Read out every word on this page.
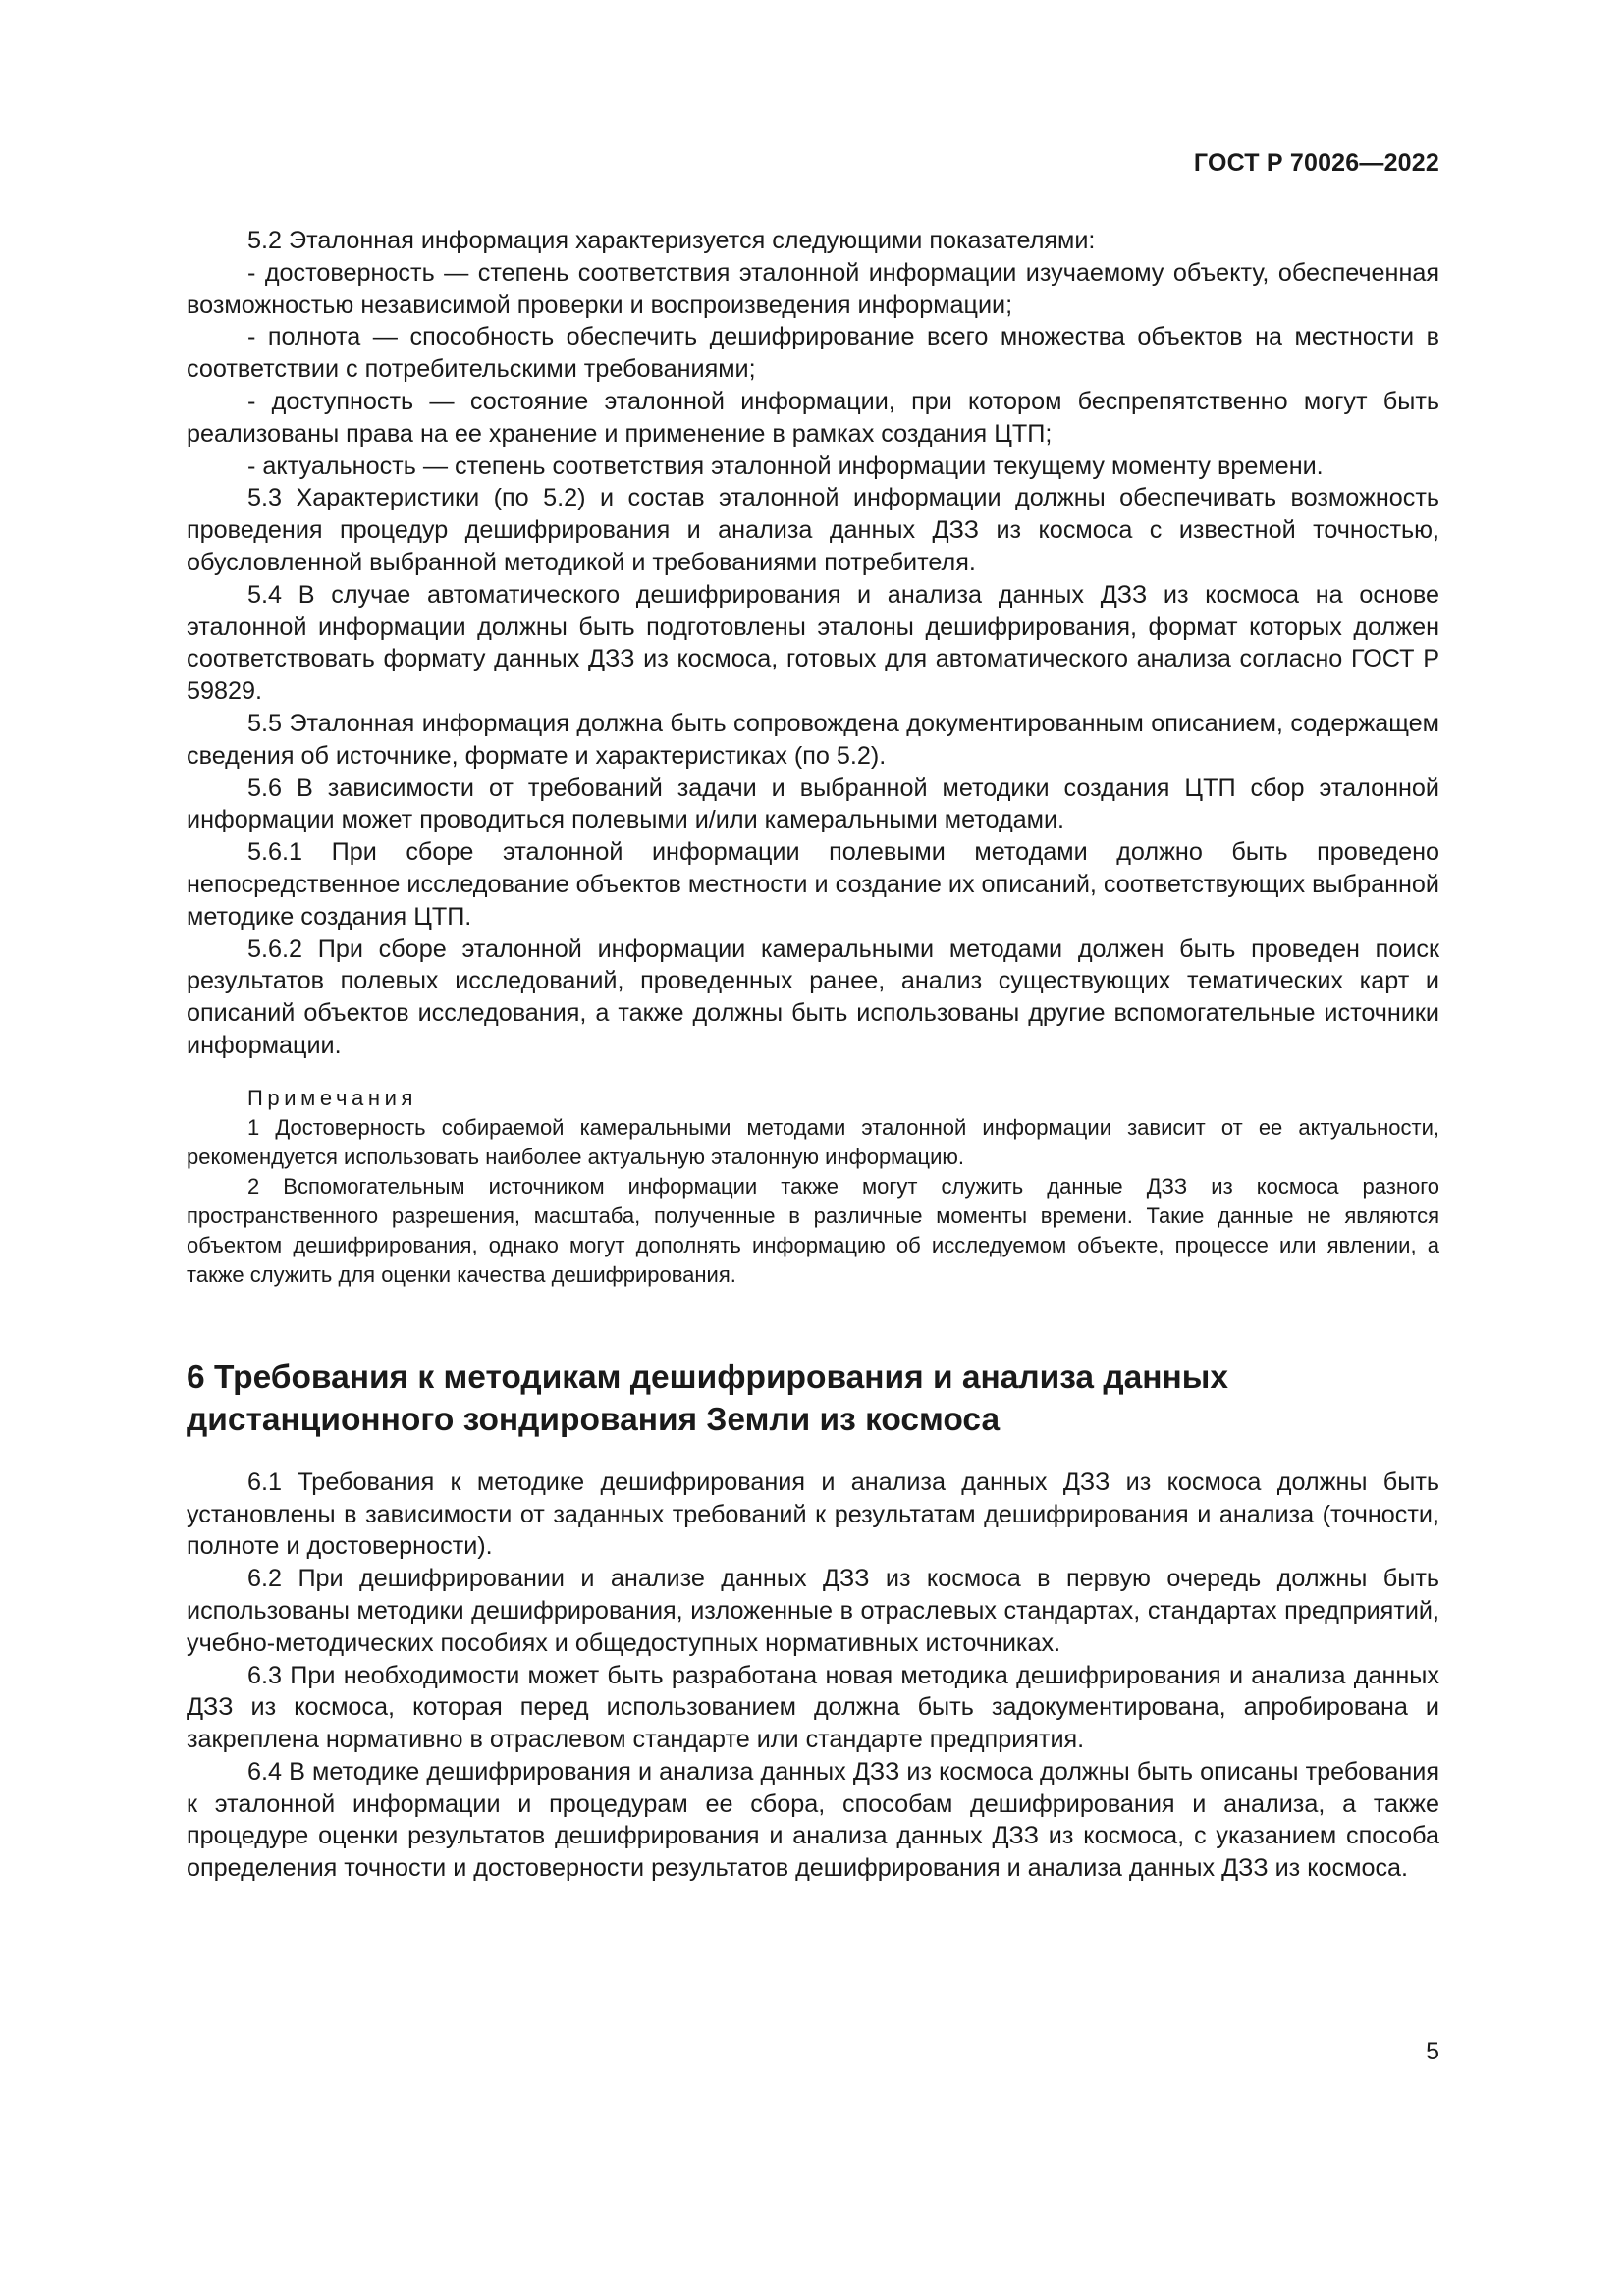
ГОСТ Р 70026—2022

5.2 Эталонная информация характеризуется следующими показателями:

- достоверность — степень соответствия эталонной информации изучаемому объекту, обеспеченная возможностью независимой проверки и воспроизведения информации;

- полнота — способность обеспечить дешифрирование всего множества объектов на местности в соответствии с потребительскими требованиями;

- доступность — состояние эталонной информации, при котором беспрепятственно могут быть реализованы права на ее хранение и применение в рамках создания ЦТП;

- актуальность — степень соответствия эталонной информации текущему моменту времени.

5.3 Характеристики (по 5.2) и состав эталонной информации должны обеспечивать возможность проведения процедур дешифрирования и анализа данных ДЗЗ из космоса с известной точностью, обусловленной выбранной методикой и требованиями потребителя.

5.4 В случае автоматического дешифрирования и анализа данных ДЗЗ из космоса на основе эталонной информации должны быть подготовлены эталоны дешифрирования, формат которых должен соответствовать формату данных ДЗЗ из космоса, готовых для автоматического анализа согласно ГОСТ Р 59829.

5.5 Эталонная информация должна быть сопровождена документированным описанием, содержащем сведения об источнике, формате и характеристиках (по 5.2).

5.6 В зависимости от требований задачи и выбранной методики создания ЦТП сбор эталонной информации может проводиться полевыми и/или камеральными методами.

5.6.1 При сборе эталонной информации полевыми методами должно быть проведено непосредственное исследование объектов местности и создание их описаний, соответствующих выбранной методике создания ЦТП.

5.6.2 При сборе эталонной информации камеральными методами должен быть проведен поиск результатов полевых исследований, проведенных ранее, анализ существующих тематических карт и описаний объектов исследования, а также должны быть использованы другие вспомогательные источники информации.

Примечания

1 Достоверность собираемой камеральными методами эталонной информации зависит от ее актуальности, рекомендуется использовать наиболее актуальную эталонную информацию.

2 Вспомогательным источником информации также могут служить данные ДЗЗ из космоса разного пространственного разрешения, масштаба, полученные в различные моменты времени. Такие данные не являются объектом дешифрирования, однако могут дополнять информацию об исследуемом объекте, процессе или явлении, а также служить для оценки качества дешифрирования.

6 Требования к методикам дешифрирования и анализа данных дистанционного зондирования Земли из космоса

6.1 Требования к методике дешифрирования и анализа данных ДЗЗ из космоса должны быть установлены в зависимости от заданных требований к результатам дешифрирования и анализа (точности, полноте и достоверности).

6.2 При дешифрировании и анализе данных ДЗЗ из космоса в первую очередь должны быть использованы методики дешифрирования, изложенные в отраслевых стандартах, стандартах предприятий, учебно-методических пособиях и общедоступных нормативных источниках.

6.3 При необходимости может быть разработана новая методика дешифрирования и анализа данных ДЗЗ из космоса, которая перед использованием должна быть задокументирована, апробирована и закреплена нормативно в отраслевом стандарте или стандарте предприятия.

6.4 В методике дешифрирования и анализа данных ДЗЗ из космоса должны быть описаны требования к эталонной информации и процедурам ее сбора, способам дешифрирования и анализа, а также процедуре оценки результатов дешифрирования и анализа данных ДЗЗ из космоса, с указанием способа определения точности и достоверности результатов дешифрирования и анализа данных ДЗЗ из космоса.

5
